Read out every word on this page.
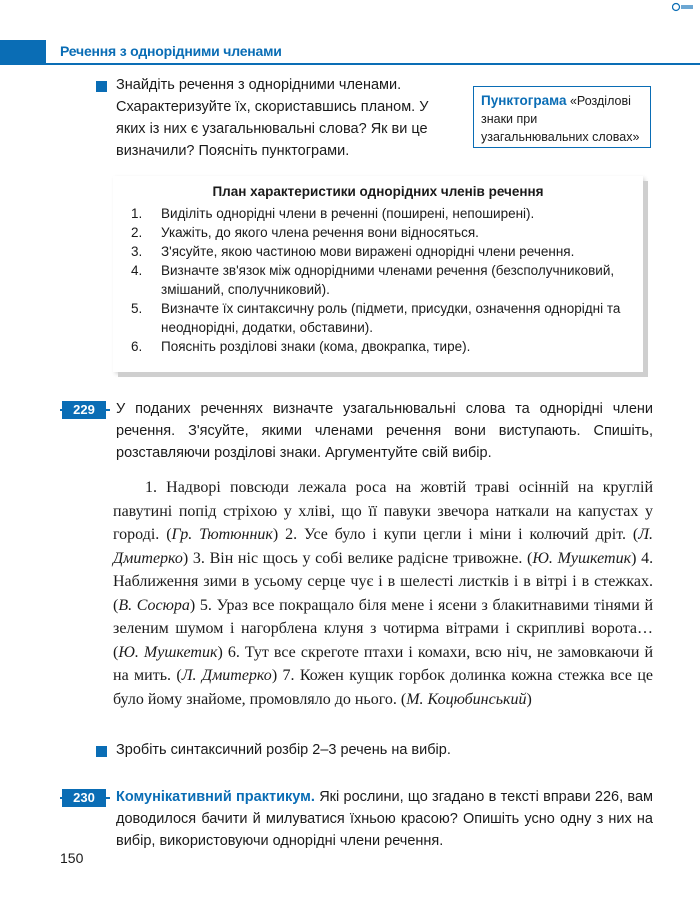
Речення з однорідними членами
Знайдіть речення з однорідними членами. Схарактеризуйте їх, скориставшись планом. У яких із них є узагальнювальні слова? Як ви це визначили? Поясніть пунктограми.
Пунктограма «Розділові знаки при узагальнювальних словах»
План характеристики однорідних членів речення
1. Виділіть однорідні члени в реченні (поширені, непоширені).
2. Укажіть, до якого члена речення вони відносяться.
3. З'ясуйте, якою частиною мови виражені однорідні члени речення.
4. Визначте зв'язок між однорідними членами речення (безсполучниковий, змішаний, сполучниковий).
5. Визначте їх синтаксичну роль (підмети, присудки, означення однорідні та неоднорідні, додатки, обставини).
6. Поясніть розділові знаки (кома, двокрапка, тире).
229	У поданих реченнях визначте узагальнювальні слова та однорідні члени речення. З'ясуйте, якими членами речення вони виступають. Спишіть, розставляючи розділові знаки. Аргументуйте свій вибір.
1. Надворі повсюди лежала роса на жовтій траві осінній на круглій павутині попід стріхою у хліві, що її павуки звечора наткали на капустах у городі. (Гр. Тютюнник) 2. Усе було і купи цегли і міни і колючий дріт. (Л. Дмитерко) 3. Він ніс щось у собі велике радісне тривожне. (Ю. Мушкетик) 4. Наближення зими в усьому серце чує і в шелесті листків і в вітрі і в стежках. (В. Сосюра) 5. Ураз все покращало біля мене і ясени з блакитнавими тінями й зеленим шумом і нагорблена клуня з чотирма вітрами і скрипливі ворота… (Ю. Мушкетик) 6. Тут все скреготе птахи і комахи, всю ніч, не замовкаючи й на мить. (Л. Дмитерко) 7. Кожен кущик горбок долинка кожна стежка все це було йому знайоме, промовляло до нього. (М. Коцюбинський)
Зробіть синтаксичний розбір 2–3 речень на вибір.
230	Комунікативний практикум. Які рослини, що згадано в тексті вправи 226, вам доводилося бачити й милуватися їхньою красою? Опишіть усно одну з них на вибір, використовуючи однорідні члени речення.
150
